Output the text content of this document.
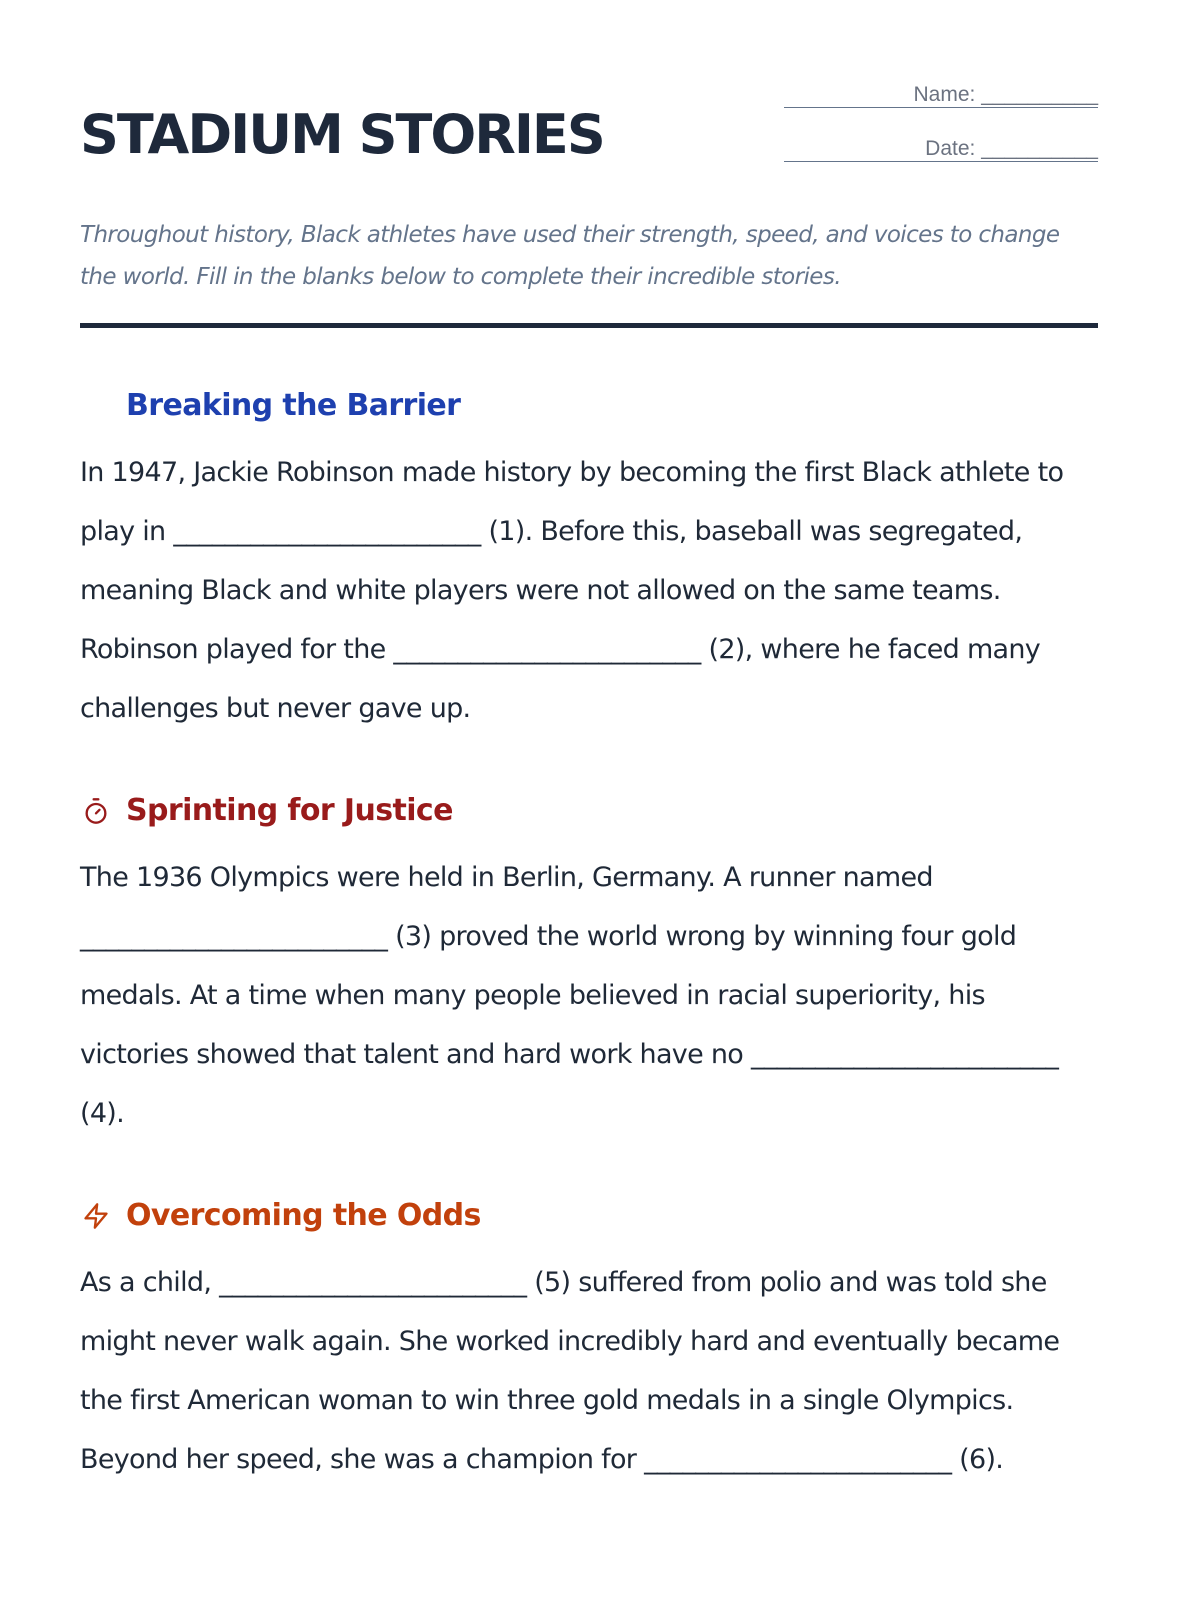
STADIUM STORIES
Name: __________
Date: __________

Throughout history, Black athletes have used their strength, speed, and voices to change the world. Fill in the blanks below to complete their incredible stories.

Breaking the Barrier

In 1947, Jackie Robinson made history by becoming the first Black athlete to play in ________________________ (1). Before this, baseball was segregated, meaning Black and white players were not allowed on the same teams. Robinson played for the ________________________ (2), where he faced many challenges but never gave up.

Sprinting for Justice

The 1936 Olympics were held in Berlin, Germany. A runner named ________________________ (3) proved the world wrong by winning four gold medals. At a time when many people believed in racial superiority, his victories showed that talent and hard work have no ________________________ (4).

Overcoming the Odds

As a child, ________________________ (5) suffered from polio and was told she might never walk again. She worked incredibly hard and eventually became the first American woman to win three gold medals in a single Olympics. Beyond her speed, she was a champion for ________________________ (6).
